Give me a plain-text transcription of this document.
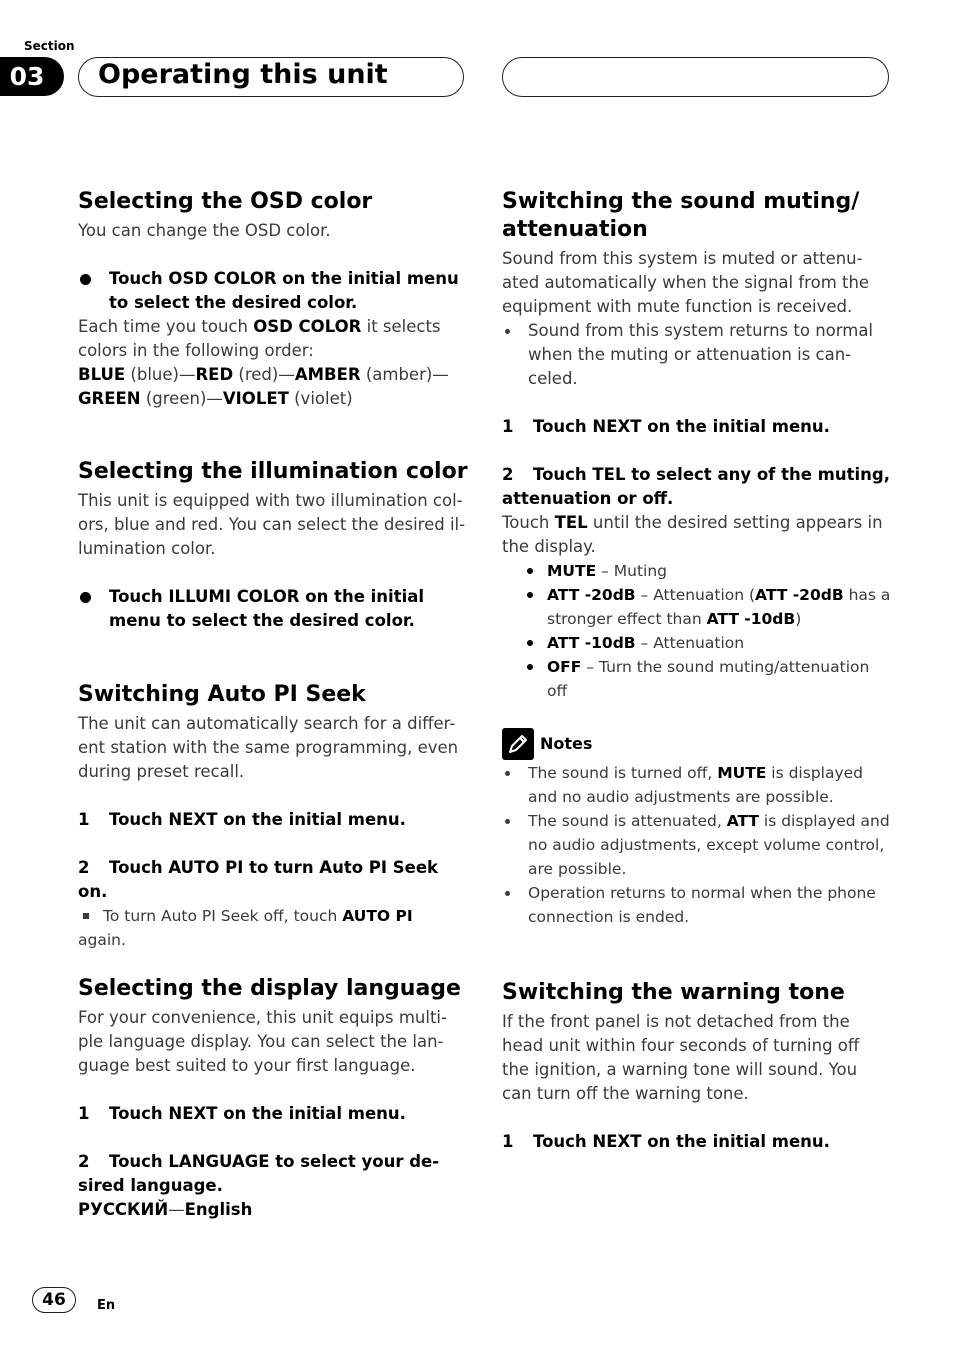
Section
03	Operating this unit
Selecting the OSD color

You can change the OSD color.

Touch OSD COLOR on the initial menu to select the desired color.

Each time you touch OSD COLOR it selects colors in the following order:

BLUE (blue)—RED (red)—AMBER (amber)— GREEN (green)—VIOLET (violet)

Selecting the illumination color

This unit is equipped with two illumination col-
ors, blue and red. You can select the desired il-
lumination color.

Touch ILLUMI COLOR on the initial menu to select the desired color.
Switching Auto PI Seek

The unit can automatically search for a differ-
ent station with the same programming, even
during preset recall.

1 Touch NEXT on the initial menu.
2 Touch AUTO PI to turn Auto PI Seek on.
To turn Auto PI Seek off, touch AUTO PI
again.
Selecting the display language

For your convenience, this unit equips multi-
ple language display. You can select the lan-
guage best suited to your first language.

1 Touch NEXT on the initial menu.
2 Touch LANGUAGE to select your de-
sired language.
РУССКИЙ—English
Switching the sound muting/
attenuation

Sound from this system is muted or attenu-
ated automatically when the signal from the
equipment with mute function is received.

Sound from this system returns to normal
when the muting or attenuation is can-
celed.
1 Touch NEXT on the initial menu.
2 Touch TEL to select any of the muting,
attenuation or off.

Touch TEL until the desired setting appears in the display.

MUTE – Muting
ATT -20dB – Attenuation (ATT -20dB has a stronger effect than ATT -10dB)
ATT -10dB – Attenuation
OFF – Turn the sound muting/attenuation off
Notes
The sound is turned off, MUTE is displayed and no audio adjustments are possible.
The sound is attenuated, ATT is displayed and no audio adjustments, except volume control, are possible.
Operation returns to normal when the phone connection is ended.
Switching the warning tone

If the front panel is not detached from the
head unit within four seconds of turning off
the ignition, a warning tone will sound. You
can turn off the warning tone.

1 Touch NEXT on the initial menu.
46	En
